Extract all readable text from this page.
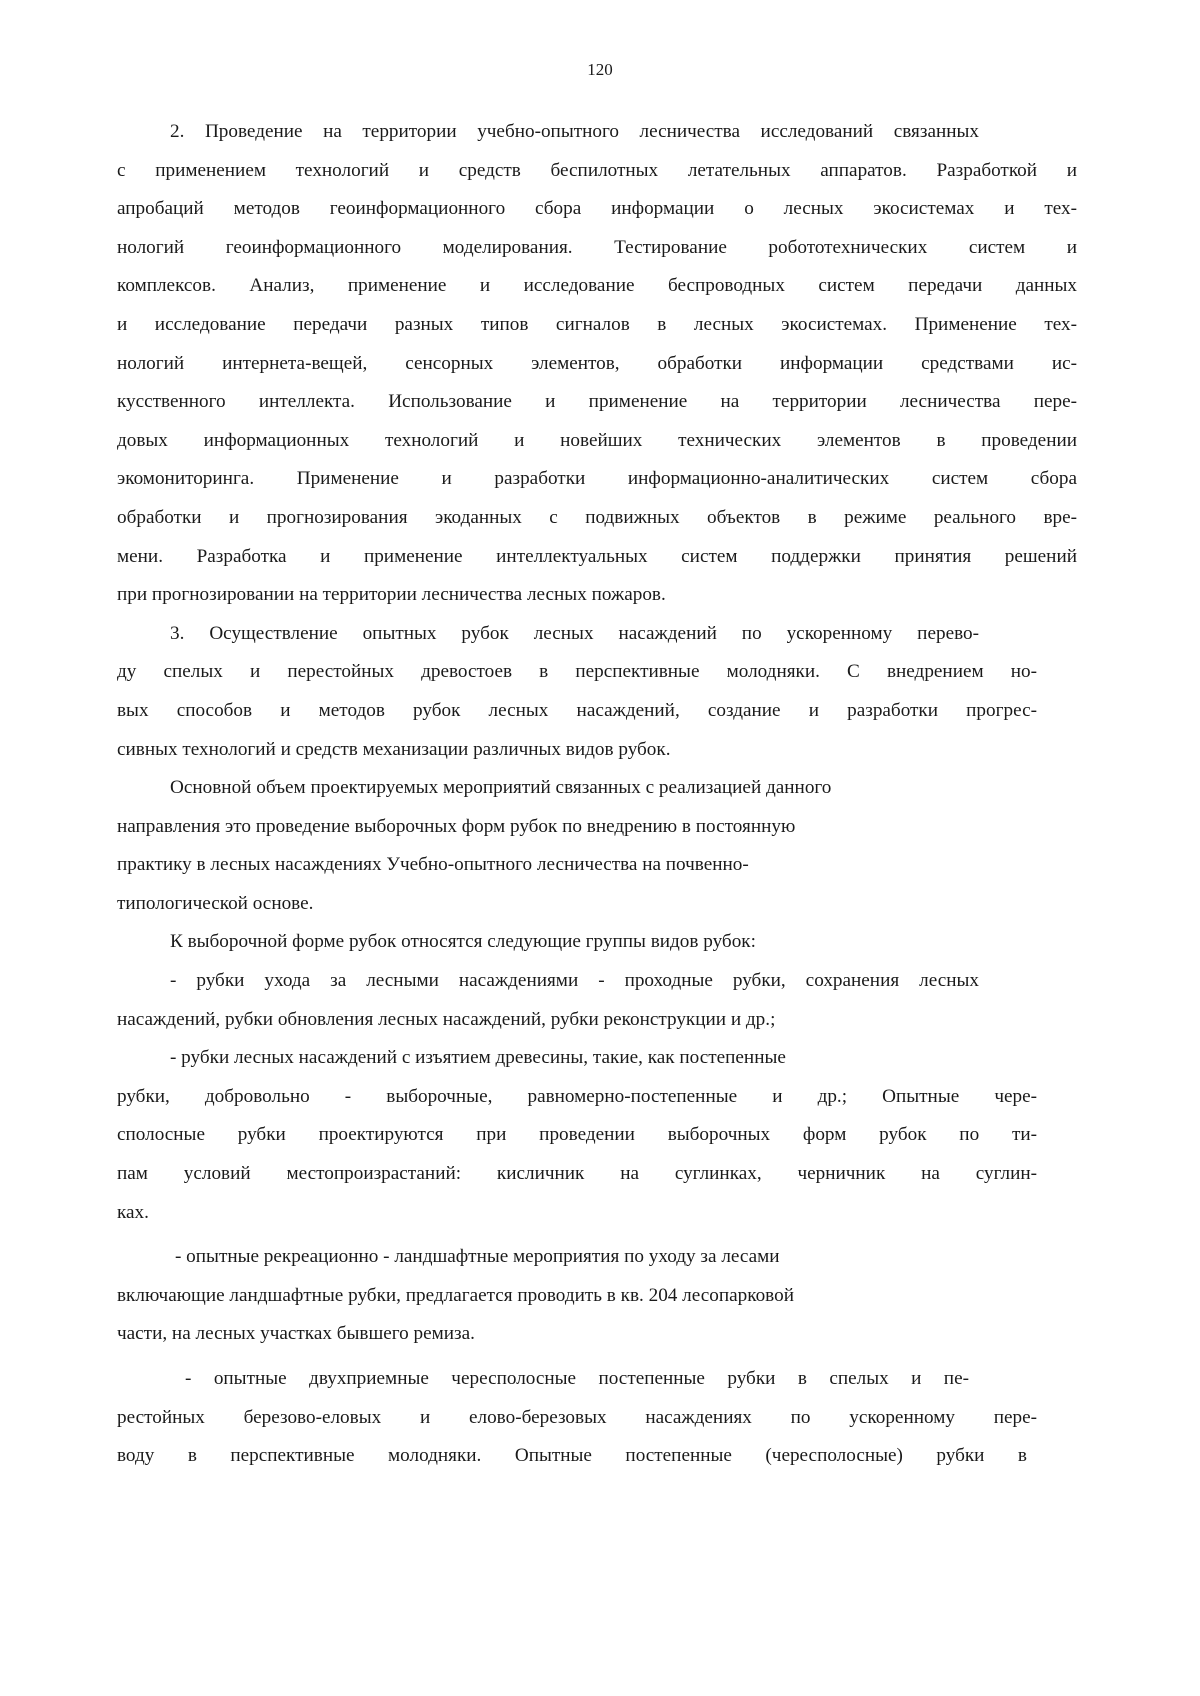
120
2. Проведение на территории учебно-опытного лесничества исследований связанных
с применением технологий и средств беспилотных летательных аппаратов. Разработкой и
апробаций методов геоинформационного сбора информации о лесных экосистемах и тех-
нологий геоинформационного моделирования. Тестирование робототехнических систем и
комплексов. Анализ, применение и исследование беспроводных систем передачи данных
и исследование передачи разных типов сигналов в лесных экосистемах. Применение тех-
нологий интернета-вещей, сенсорных элементов, обработки информации средствами ис-
кусственного интеллекта. Использование и применение на территории лесничества пере-
довых информационных технологий и новейших технических элементов в проведении
экомониторинга. Применение и разработки информационно-аналитических систем сбора
обработки и прогнозирования экоданных с подвижных объектов в режиме реального вре-
мени. Разработка и применение интеллектуальных систем поддержки принятия решений
при прогнозировании на территории лесничества лесных пожаров.
3. Осуществление опытных рубок лесных насаждений по ускоренному перево-
ду спелых и перестойных древостоев в перспективные молодняки. С внедрением но-
вых способов и методов рубок лесных насаждений, создание и разработки прогрес-
сивных технологий и средств механизации различных видов рубок.
Основной объем проектируемых мероприятий связанных с реализацией данного
направления это проведение выборочных форм рубок по внедрению в постоянную
практику в лесных насаждениях Учебно-опытного лесничества на почвенно-
типологической основе.
К выборочной форме рубок относятся следующие группы видов рубок:
- рубки ухода за лесными насаждениями - проходные рубки, сохранения лесных
насаждений, рубки обновления лесных насаждений, рубки реконструкции и др.;
- рубки лесных насаждений с изъятием древесины, такие, как постепенные
рубки, добровольно - выборочные, равномерно-постепенные и др.; Опытные чере-
сполосные рубки проектируются при проведении выборочных форм рубок по ти-
пам условий местопроизрастаний: кисличник на суглинках, черничник на суглин-
ках.
- опытные рекреационно - ландшафтные мероприятия по уходу за лесами
включающие ландшафтные рубки, предлагается проводить в кв. 204 лесопарковой
части, на лесных участках бывшего ремиза.
- опытные двухприемные чересполосные постепенные рубки в спелых и пе-
рестойных березово-еловых и елово-березовых насаждениях по ускоренному пере-
воду в перспективные молодняки. Опытные постепенные (чересполосные) рубки в
